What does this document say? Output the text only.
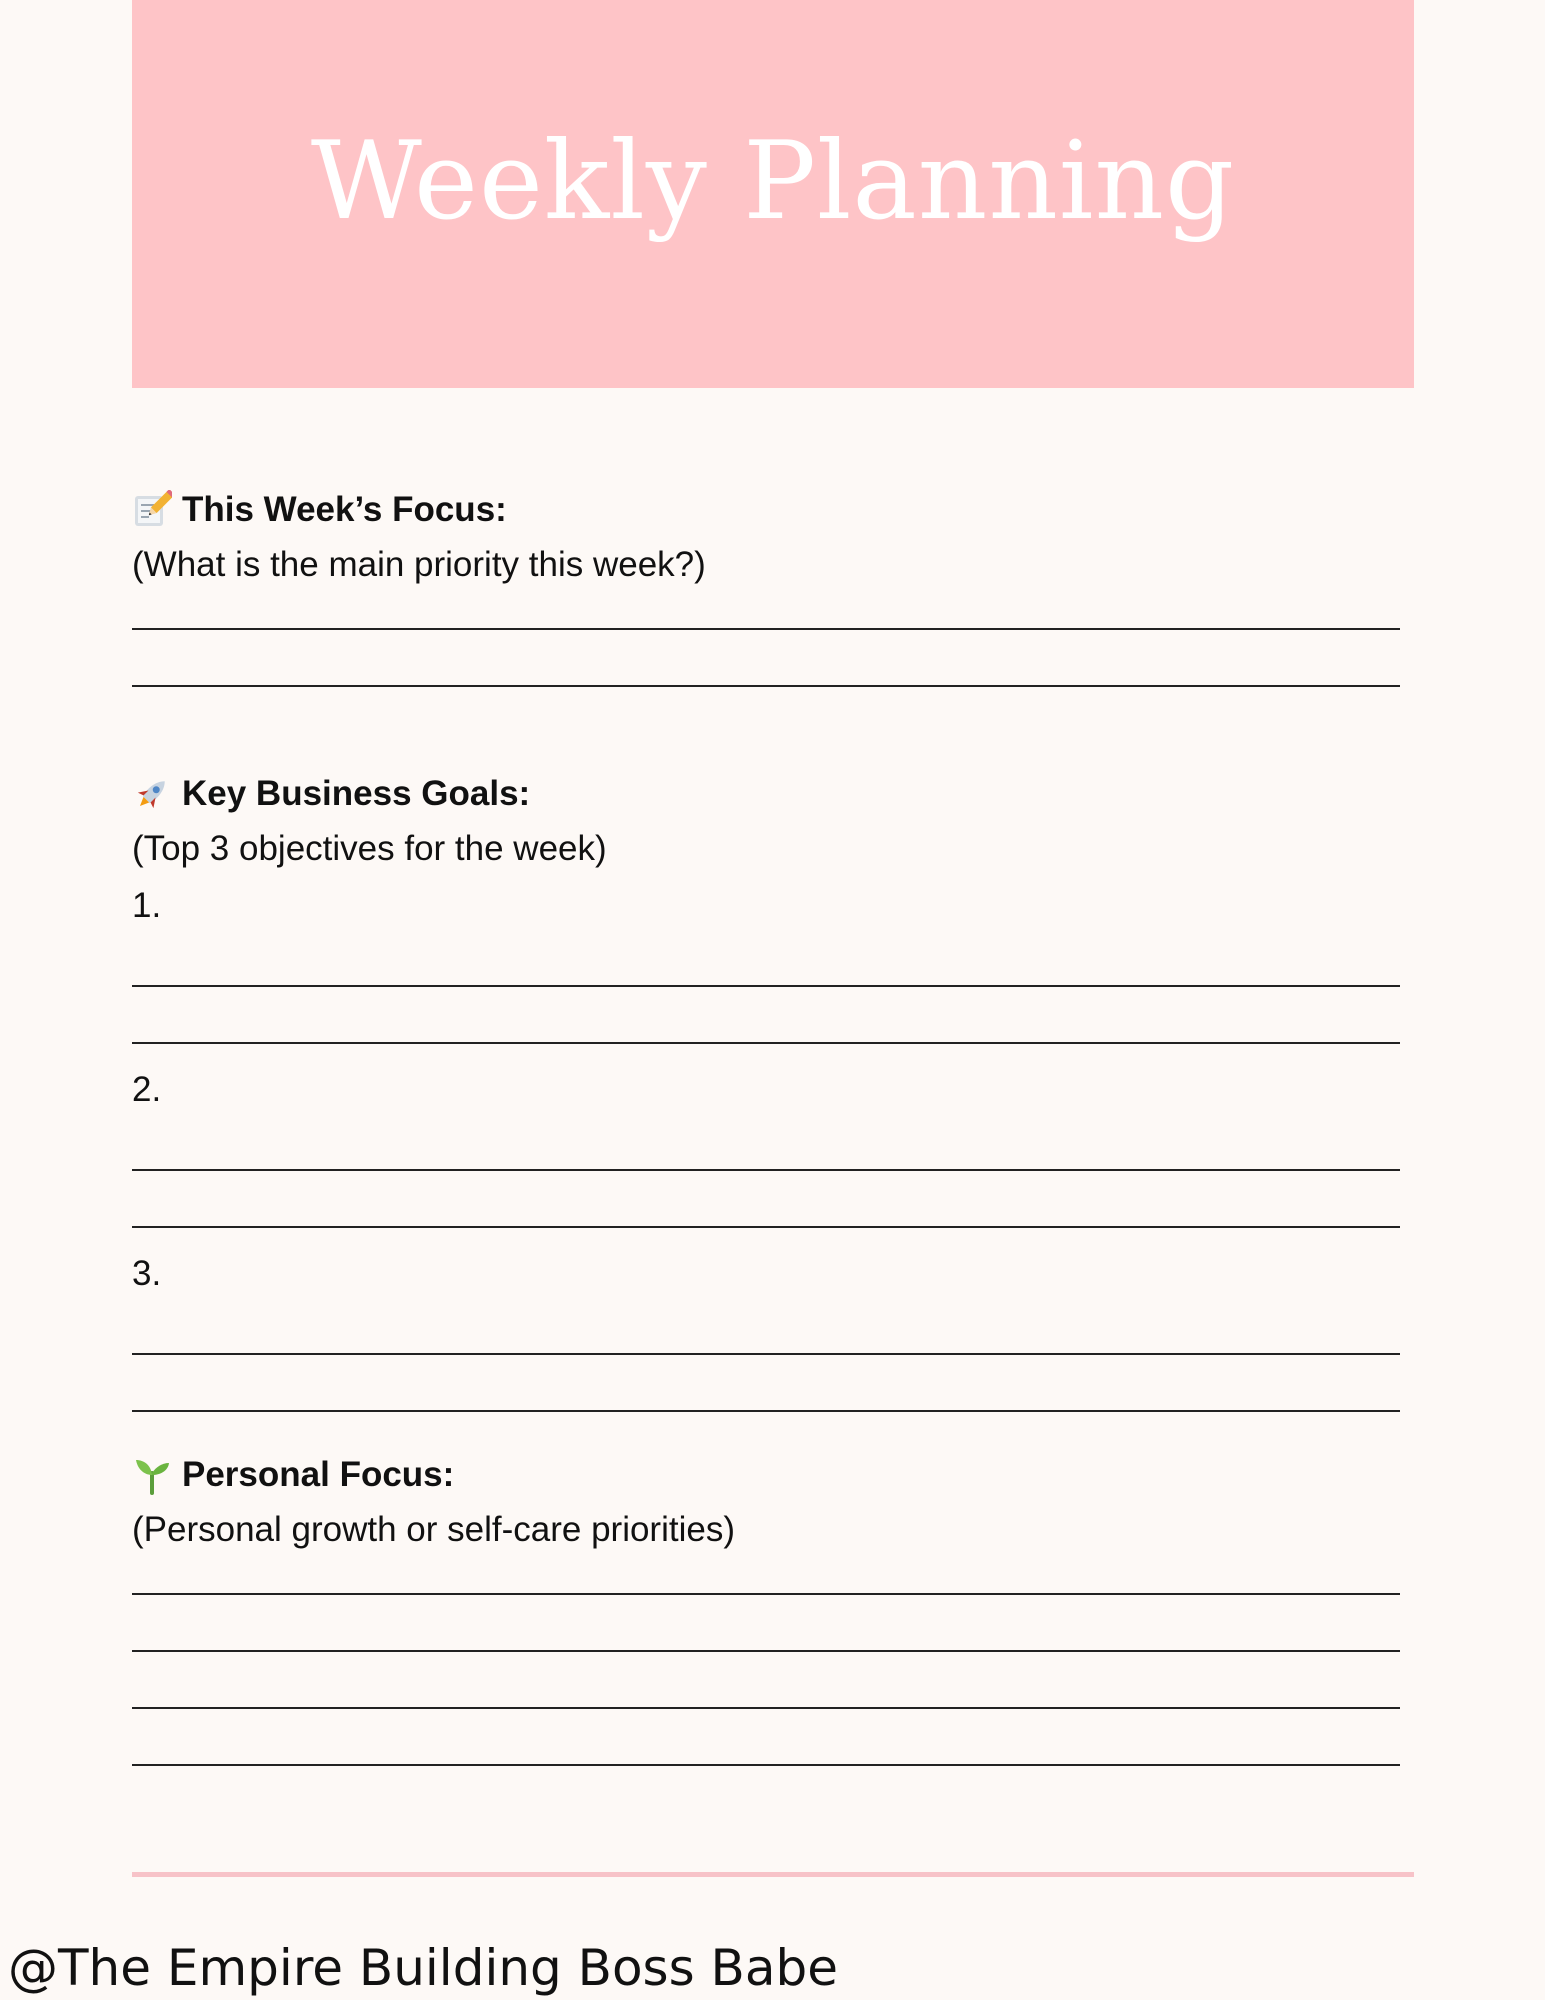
Weekly Planning
This Week’s Focus:
(What is the main priority this week?)
Key Business Goals:
(Top 3 objectives for the week)
1.
2.
3.
Personal Focus:
(Personal growth or self-care priorities)
@The Empire Building Boss Babe
